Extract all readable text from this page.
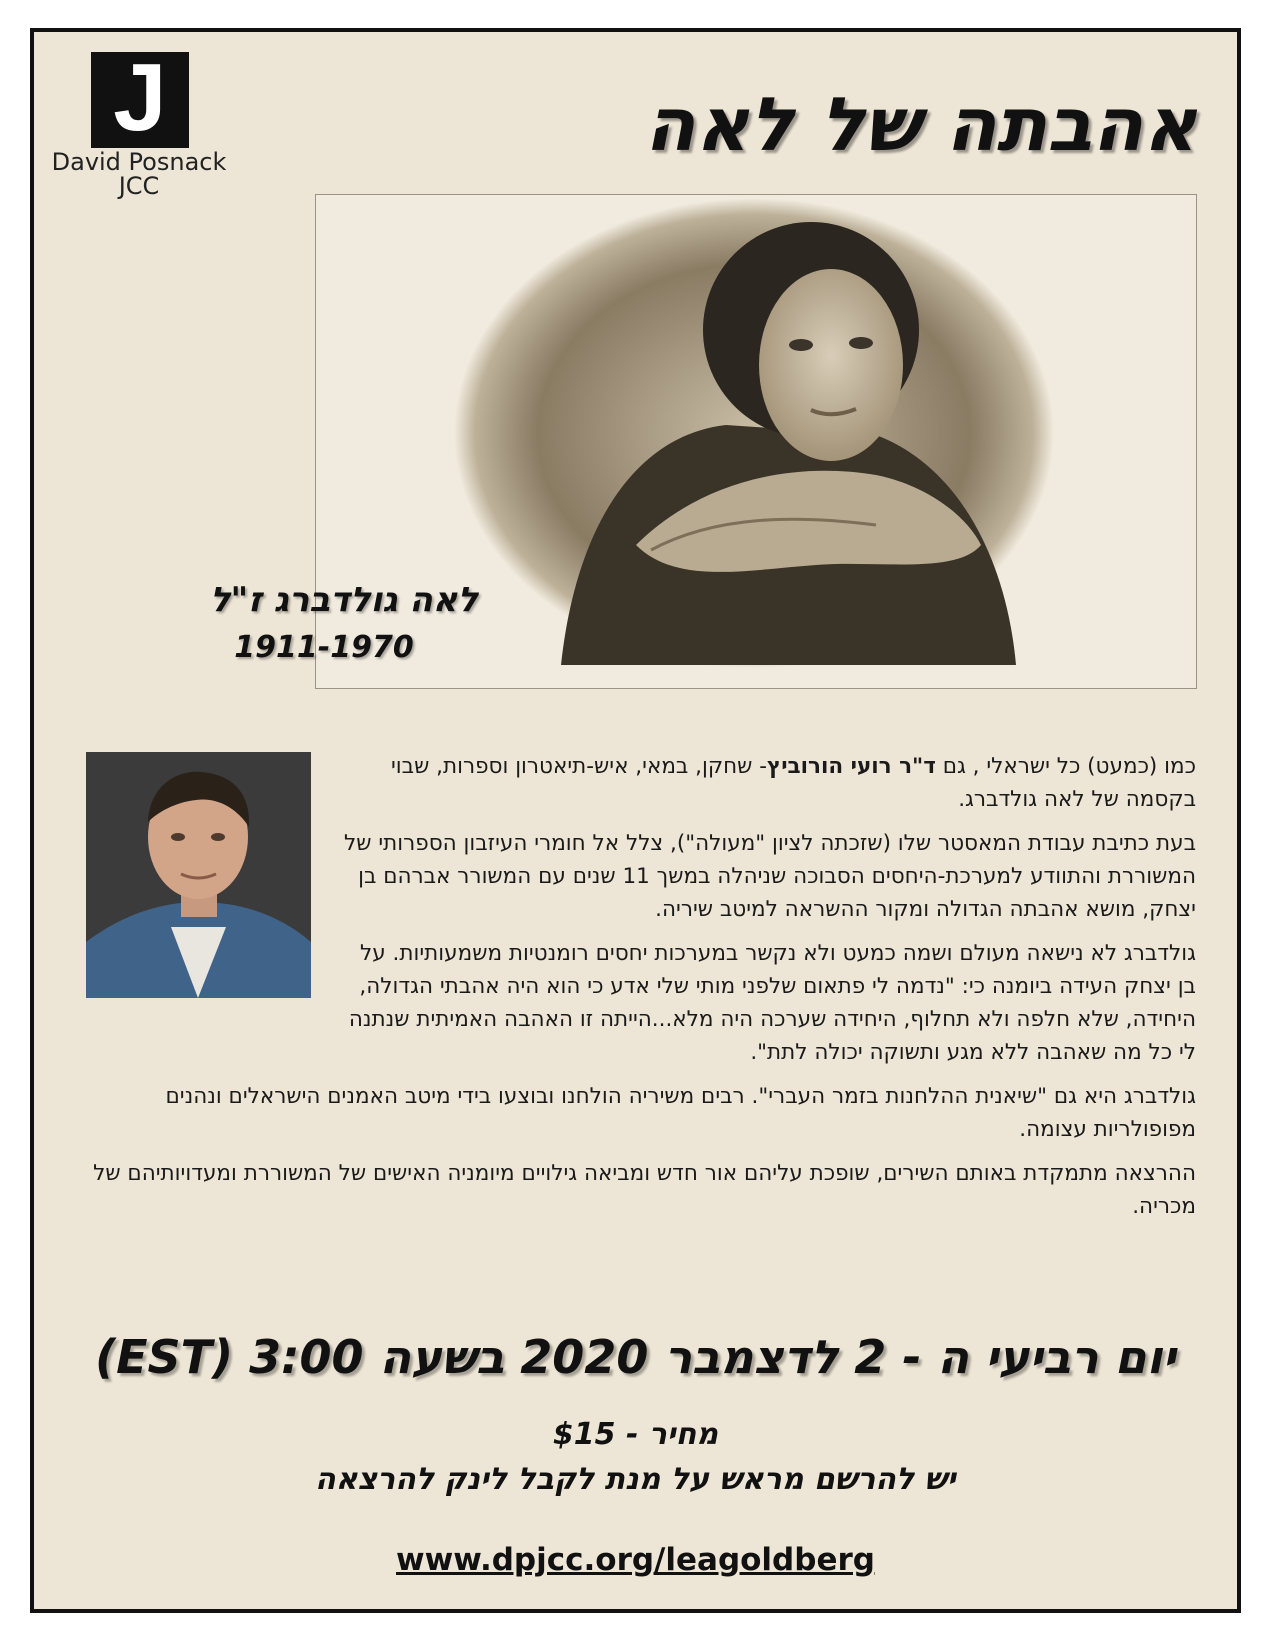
J
David Posnack
JCC
אהבתה של לאה
לאה גולדברג ז"ל
1911-1970

כמו (כמעט) כל ישראלי , גם ד"ר רועי הורוביץ- שחקן, במאי, איש-תיאטרון וספרות, שבוי בקסמה של לאה גולדברג.

בעת כתיבת עבודת המאסטר שלו (שזכתה לציון "מעולה"), צלל אל חומרי העיזבון הספרותי של המשוררת והתוודע למערכת-היחסים הסבוכה שניהלה במשך 11 שנים עם המשורר אברהם בן יצחק, מושא אהבתה הגדולה ומקור ההשראה למיטב שיריה.

גולדברג לא נישאה מעולם ושמה כמעט ולא נקשר במערכות יחסים רומנטיות משמעותיות. על בן יצחק העידה ביומנה כי: "נדמה לי פתאום שלפני מותי שלי אדע כי הוא היה אהבתי הגדולה, היחידה, שלא חלפה ולא תחלוף, היחידה שערכה היה מלא...הייתה זו האהבה האמיתית שנתנה לי כל מה שאהבה ללא מגע ותשוקה יכולה לתת".

גולדברג היא גם "שיאנית ההלחנות בזמר העברי". רבים משיריה הולחנו ובוצעו בידי מיטב האמנים הישראלים ונהנים מפופולריות עצומה.

ההרצאה מתמקדת באותם השירים, שופכת עליהם אור חדש ומביאה גילויים מיומניה האישים של המשוררת ומעדויותיהם של מכריה.

יום רביעי ה - 2 לדצמבר 2020 בשעה 3:00 (EST)
מחיר - $15
יש להרשם מראש על מנת לקבל לינק להרצאה
www.dpjcc.org/leagoldberg
